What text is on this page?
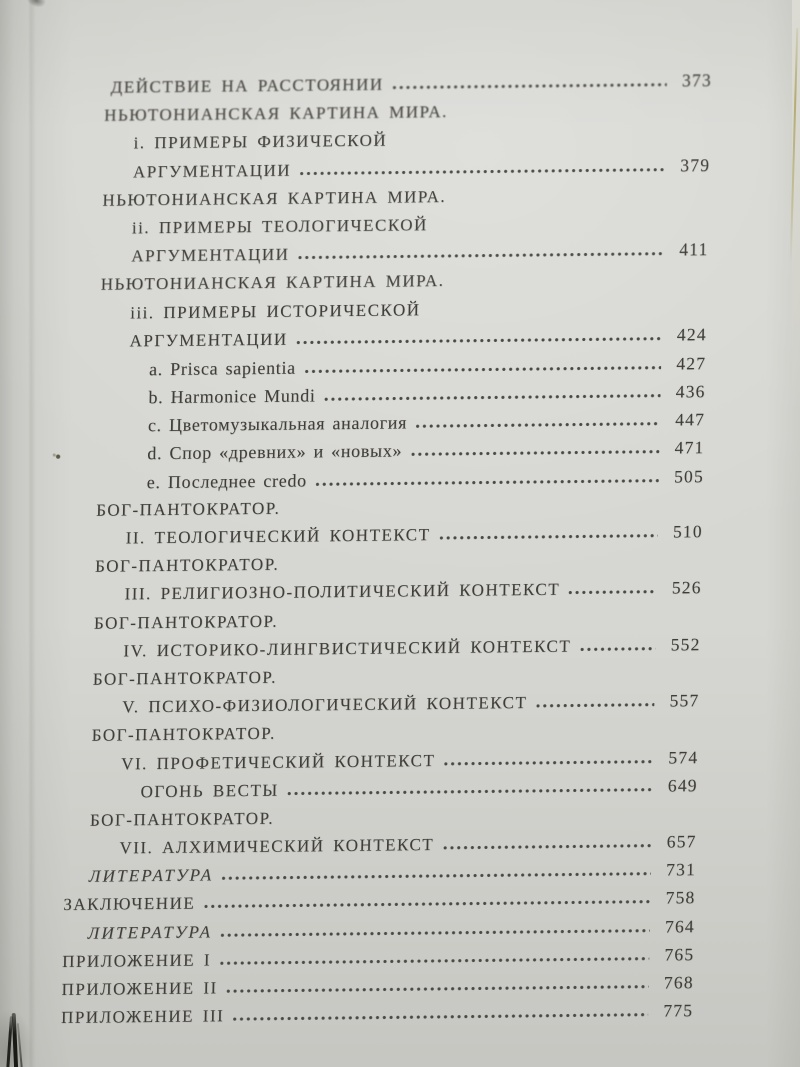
ДЕЙСТВИЕ НА РАССТОЯНИИ	373
НЬЮТОНИАНСКАЯ КАРТИНА МИРА.
i. ПРИМЕРЫ ФИЗИЧЕСКОЙ
АРГУМЕНТАЦИИ	379
НЬЮТОНИАНСКАЯ КАРТИНА МИРА.
ii. ПРИМЕРЫ ТЕОЛОГИЧЕСКОЙ
АРГУМЕНТАЦИИ	411
НЬЮТОНИАНСКАЯ КАРТИНА МИРА.
iii. ПРИМЕРЫ ИСТОРИЧЕСКОЙ
АРГУМЕНТАЦИИ	424
a. Prisca sapientia	427
b. Harmonice Mundi	436
c. Цветомузыкальная аналогия	447
d. Спор «древних» и «новых»	471
e. Последнее credo	505
БОГ-ПАНТОКРАТОР.
II. ТЕОЛОГИЧЕСКИЙ КОНТЕКСТ	510
БОГ-ПАНТОКРАТОР.
III. РЕЛИГИОЗНО-ПОЛИТИЧЕСКИЙ КОНТЕКСТ	526
БОГ-ПАНТОКРАТОР.
IV. ИСТОРИКО-ЛИНГВИСТИЧЕСКИЙ КОНТЕКСТ	552
БОГ-ПАНТОКРАТОР.
V. ПСИХО-ФИЗИОЛОГИЧЕСКИЙ КОНТЕКСТ	557
БОГ-ПАНТОКРАТОР.
VI. ПРОФЕТИЧЕСКИЙ КОНТЕКСТ	574
ОГОНЬ ВЕСТЫ	649
БОГ-ПАНТОКРАТОР.
VII. АЛХИМИЧЕСКИЙ КОНТЕКСТ	657
ЛИТЕРАТУРА	731
ЗАКЛЮЧЕНИЕ	758
ЛИТЕРАТУРА	764
ПРИЛОЖЕНИЕ I	765
ПРИЛОЖЕНИЕ II	768
ПРИЛОЖЕНИЕ III	775
